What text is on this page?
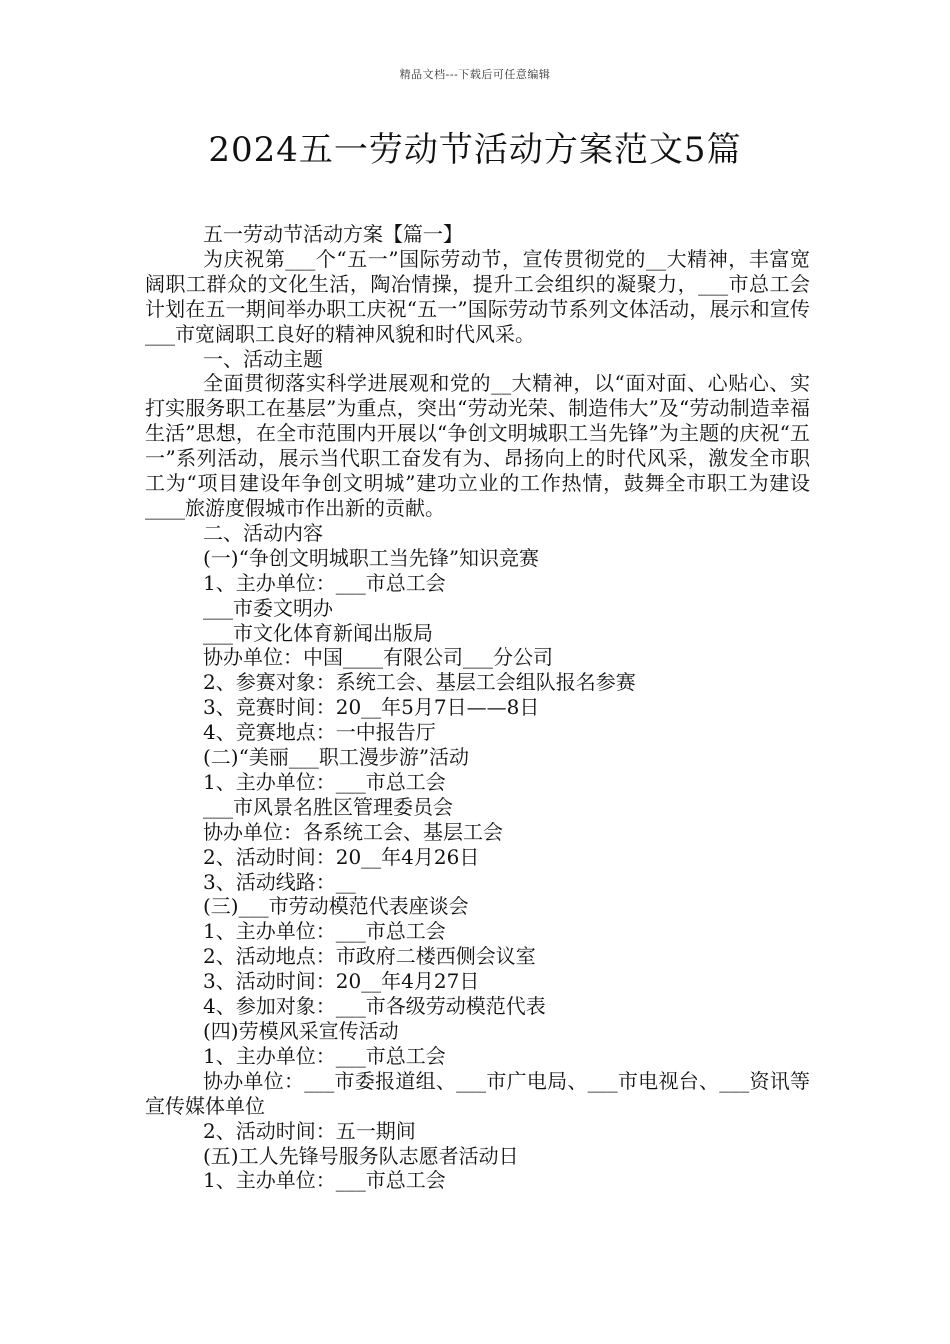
精品文档---下载后可任意编辑
2024五一劳动节活动方案范文5篇
五一劳动节活动方案【篇一】
为庆祝第___个“五一”国际劳动节，宣传贯彻党的__大精神，丰富宽阔职工群众的文化生活，陶冶情操，提升工会组织的凝聚力，___市总工会计划在五一期间举办职工庆祝“五一”国际劳动节系列文体活动，展示和宣传___市宽阔职工良好的精神风貌和时代风采。
一、活动主题
全面贯彻落实科学进展观和党的__大精神，以“面对面、心贴心、实打实服务职工在基层”为重点，突出“劳动光荣、制造伟大”及“劳动制造幸福生活”思想，在全市范围内开展以“争创文明城职工当先锋”为主题的庆祝“五一”系列活动，展示当代职工奋发有为、昂扬向上的时代风采，激发全市职工为“项目建设年争创文明城”建功立业的工作热情，鼓舞全市职工为建设____旅游度假城市作出新的贡献。
二、活动内容
(一)“争创文明城职工当先锋”知识竞赛
1、主办单位：___市总工会
___市委文明办
___市文化体育新闻出版局
协办单位：中国____有限公司___分公司
2、参赛对象：系统工会、基层工会组队报名参赛
3、竞赛时间：20__年5月7日——8日
4、竞赛地点：一中报告厅
(二)“美丽___职工漫步游”活动
1、主办单位：___市总工会
___市风景名胜区管理委员会
协办单位：各系统工会、基层工会
2、活动时间：20__年4月26日
3、活动线路：__
(三)___市劳动模范代表座谈会
1、主办单位：___市总工会
2、活动地点：市政府二楼西侧会议室
3、活动时间：20__年4月27日
4、参加对象：___市各级劳动模范代表
(四)劳模风采宣传活动
1、主办单位：___市总工会
协办单位：___市委报道组、___市广电局、___市电视台、___资讯等宣传媒体单位
2、活动时间：五一期间
(五)工人先锋号服务队志愿者活动日
1、主办单位：___市总工会
